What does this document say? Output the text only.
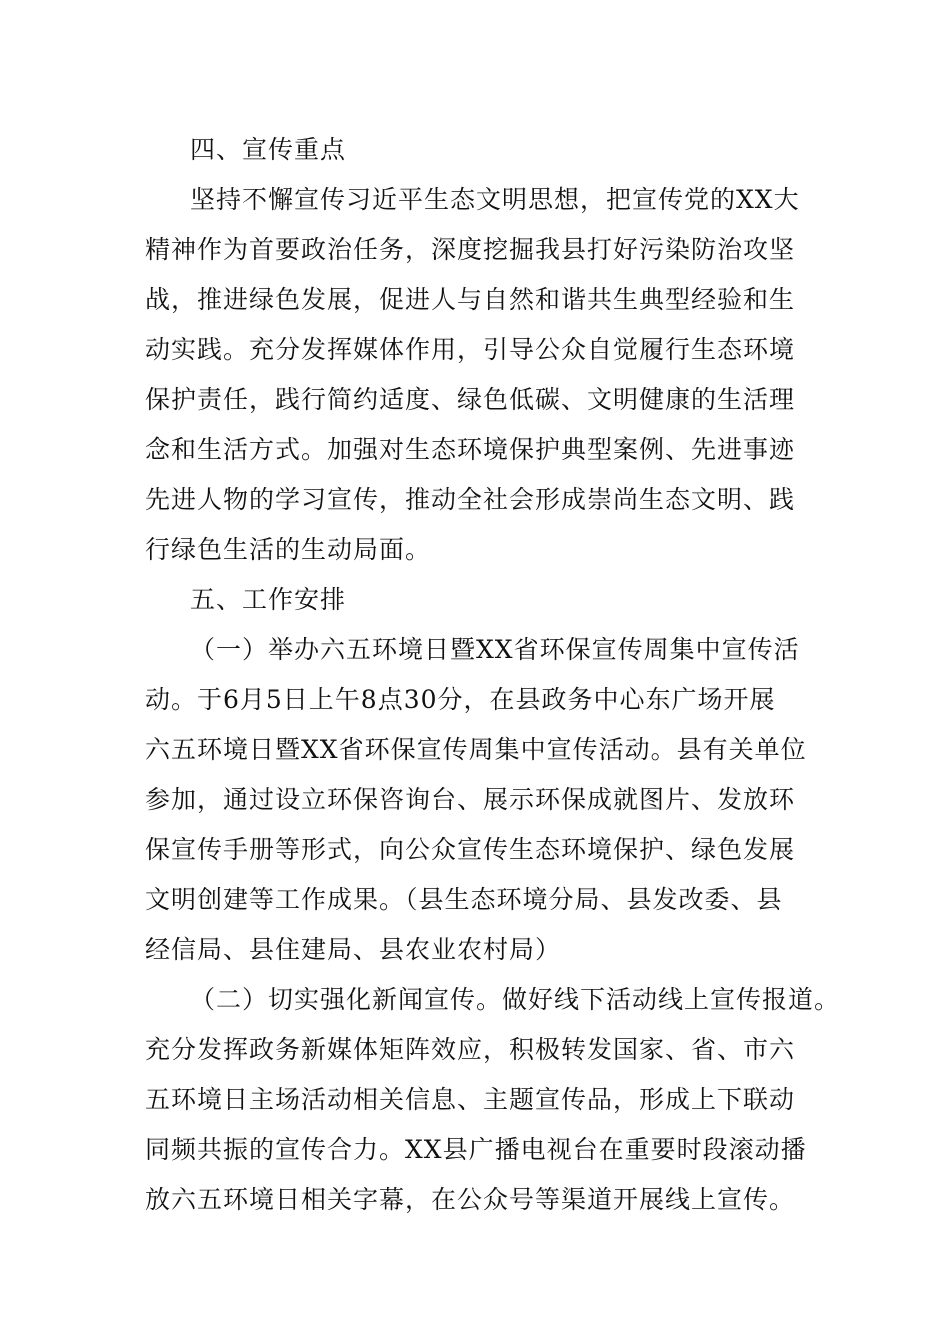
四、宣传重点
坚持不懈宣传习近平生态文明思想，把宣传党的XX大
精神作为首要政治任务，深度挖掘我县打好污染防治攻坚
战，推进绿色发展，促进人与自然和谐共生典型经验和生
动实践。充分发挥媒体作用，引导公众自觉履行生态环境
保护责任，践行简约适度、绿色低碳、文明健康的生活理
念和生活方式。加强对生态环境保护典型案例、先进事迹
先进人物的学习宣传，推动全社会形成崇尚生态文明、践
行绿色生活的生动局面。
五、工作安排
（一）举办六五环境日暨XX省环保宣传周集中宣传活
动。于6月5日上午8点30分，在县政务中心东广场开展
六五环境日暨XX省环保宣传周集中宣传活动。县有关单位
参加，通过设立环保咨询台、展示环保成就图片、发放环
保宣传手册等形式，向公众宣传生态环境保护、绿色发展
文明创建等工作成果。（县生态环境分局、县发改委、县
经信局、县住建局、县农业农村局）
（二）切实强化新闻宣传。做好线下活动线上宣传报道。
充分发挥政务新媒体矩阵效应，积极转发国家、省、市六
五环境日主场活动相关信息、主题宣传品，形成上下联动
同频共振的宣传合力。XX县广播电视台在重要时段滚动播
放六五环境日相关字幕，在公众号等渠道开展线上宣传。
